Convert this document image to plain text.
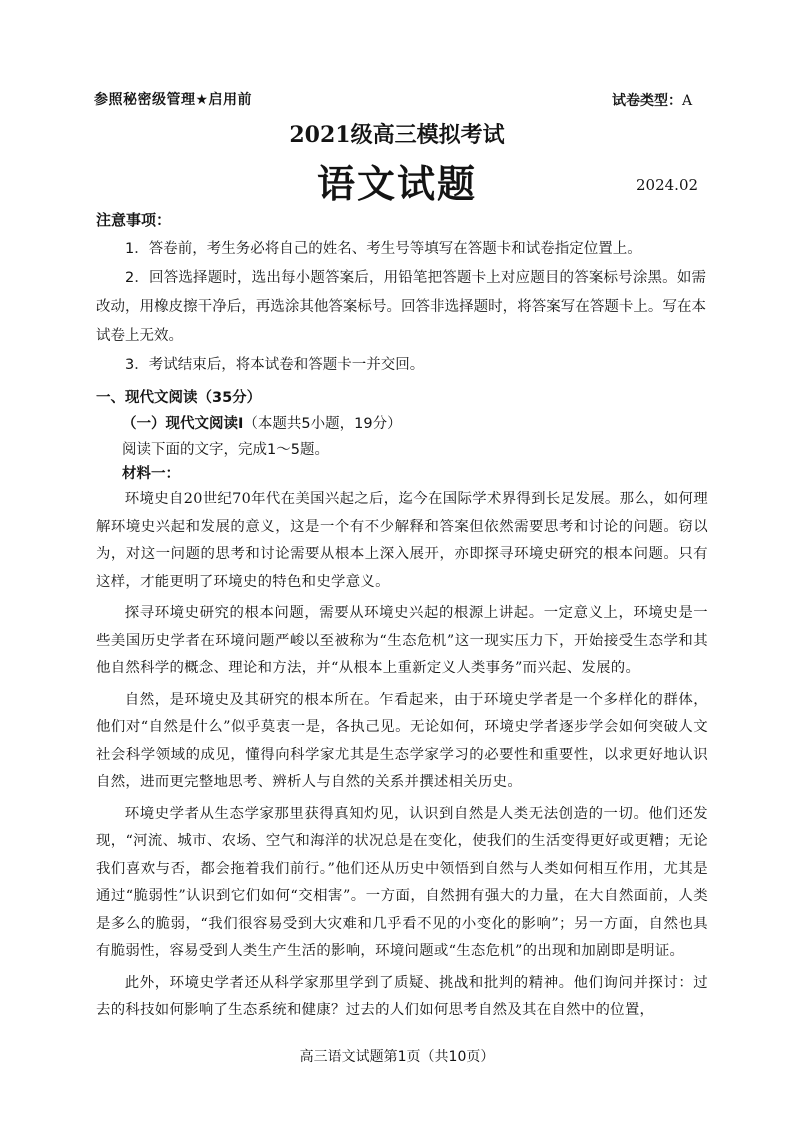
参照秘密级管理★启用前	试卷类型：A
2021级高三模拟考试
语文试题	2024.02
注意事项：

1．答卷前，考生务必将自己的姓名、考生号等填写在答题卡和试卷指定位置上。

2．回答选择题时，选出每小题答案后，用铅笔把答题卡上对应题目的答案标号涂黑。如需改动，用橡皮擦干净后，再选涂其他答案标号。回答非选择题时，将答案写在答题卡上。写在本试卷上无效。

3．考试结束后，将本试卷和答题卡一并交回。

一、现代文阅读（35分）
（一）现代文阅读Ⅰ（本题共5小题，19分）
阅读下面的文字，完成1～5题。
材料一：

环境史自20世纪70年代在美国兴起之后，迄今在国际学术界得到长足发展。那么，如何理解环境史兴起和发展的意义，这是一个有不少解释和答案但依然需要思考和讨论的问题。窃以为，对这一问题的思考和讨论需要从根本上深入展开，亦即探寻环境史研究的根本问题。只有这样，才能更明了环境史的特色和史学意义。

探寻环境史研究的根本问题，需要从环境史兴起的根源上讲起。一定意义上，环境史是一些美国历史学者在环境问题严峻以至被称为“生态危机”这一现实压力下，开始接受生态学和其他自然科学的概念、理论和方法，并“从根本上重新定义人类事务”而兴起、发展的。

自然，是环境史及其研究的根本所在。乍看起来，由于环境史学者是一个多样化的群体，他们对“自然是什么”似乎莫衷一是，各执己见。无论如何，环境史学者逐步学会如何突破人文社会科学领域的成见，懂得向科学家尤其是生态学家学习的必要性和重要性，以求更好地认识自然，进而更完整地思考、辨析人与自然的关系并撰述相关历史。

环境史学者从生态学家那里获得真知灼见，认识到自然是人类无法创造的一切。他们还发现，“河流、城市、农场、空气和海洋的状况总是在变化，使我们的生活变得更好或更糟；无论我们喜欢与否，都会拖着我们前行。”他们还从历史中领悟到自然与人类如何相互作用，尤其是通过“脆弱性”认识到它们如何“交相害”。一方面，自然拥有强大的力量，在大自然面前，人类是多么的脆弱，“我们很容易受到大灾难和几乎看不见的小变化的影响”；另一方面，自然也具有脆弱性，容易受到人类生产生活的影响，环境问题或“生态危机”的出现和加剧即是明证。

此外，环境史学者还从科学家那里学到了质疑、挑战和批判的精神。他们询问并探讨：过去的科技如何影响了生态系统和健康？过去的人们如何思考自然及其在自然中的位置，

高三语文试题第1页（共10页）
